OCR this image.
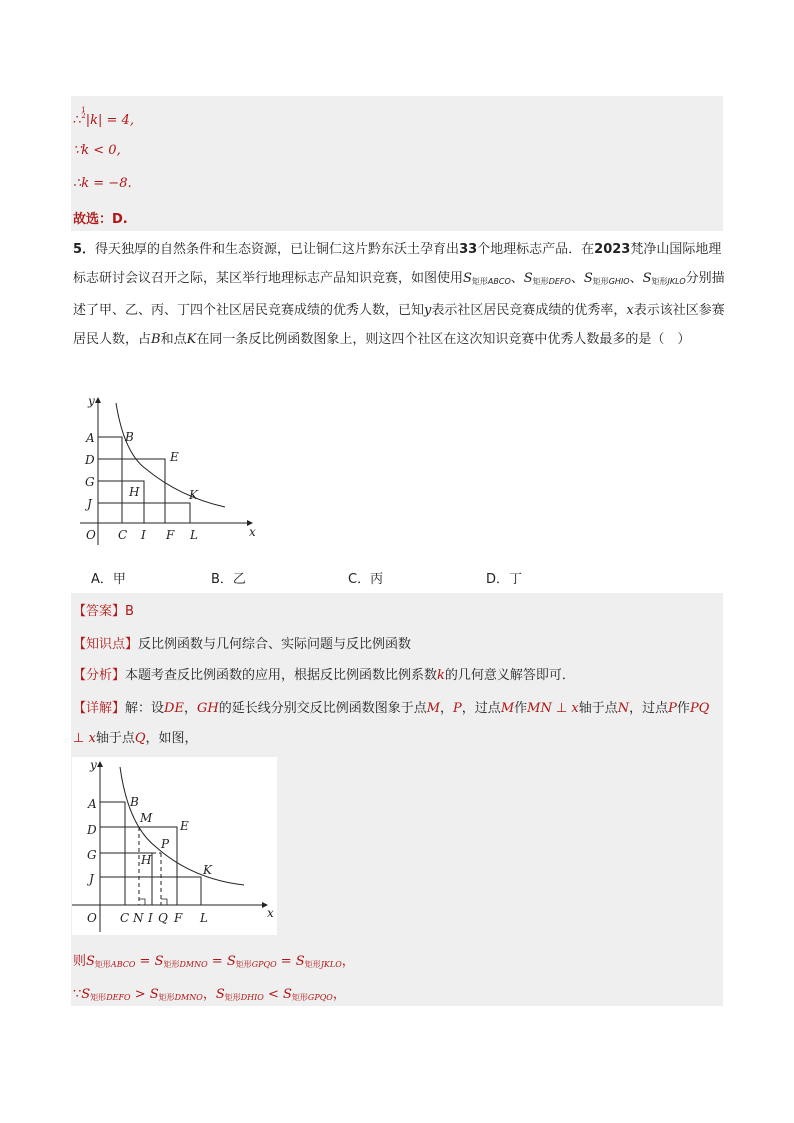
∴
1
2 |k| = 4,
∵k < 0,
∴k = −8.
故选：D.
5．得天独厚的自然条件和生态资源，已让铜仁这片黔东沃土孕育出33个地理标志产品．在2023梵净山国际地理标志研讨会议召开之际，某区举行地理标志产品知识竞赛，如图使用$S_{矩形ABCO}$、$S_{矩形DEFO}$、$S_{矩形GHIO}$、$S_{矩形JKLO}$分别描述了甲、乙、丙、丁四个社区居民竞赛成绩的优秀人数，已知y表示社区居民竞赛成绩的优秀率，x表示该社区参赛居民人数，占B和点K在同一条反比例函数图象上，则这四个社区在这次知识竞赛中优秀人数最多的是（　）
y
x
O
A
D
G
J
B
E
H	K
C I F L
A．甲	B．乙	C．丙	D．丁
【答案】B
【知识点】反比例函数与几何综合、实际问题与反比例函数
【分析】本题考查反比例函数的应用，根据反比例函数比例系数k的几何意义解答即可．
【详解】解：设DE，GH的延长线分别交反比例函数图象于点M，P，过点M作MN ⊥ x轴于点N，过点P作PQ ⊥ x轴于点Q，如图，
y
x
O
A
D
G
J
B
M
E
P
H
K
C N I Q F L
则$S_{矩形ABCO} = S_{矩形DMNO} = S_{矩形GPQO} = S_{矩形JKLO}$，
$\because S_{矩形DEFO} > S_{矩形DMNO}$，$S_{矩形DHIO} < S_{矩形GPQO}$，
